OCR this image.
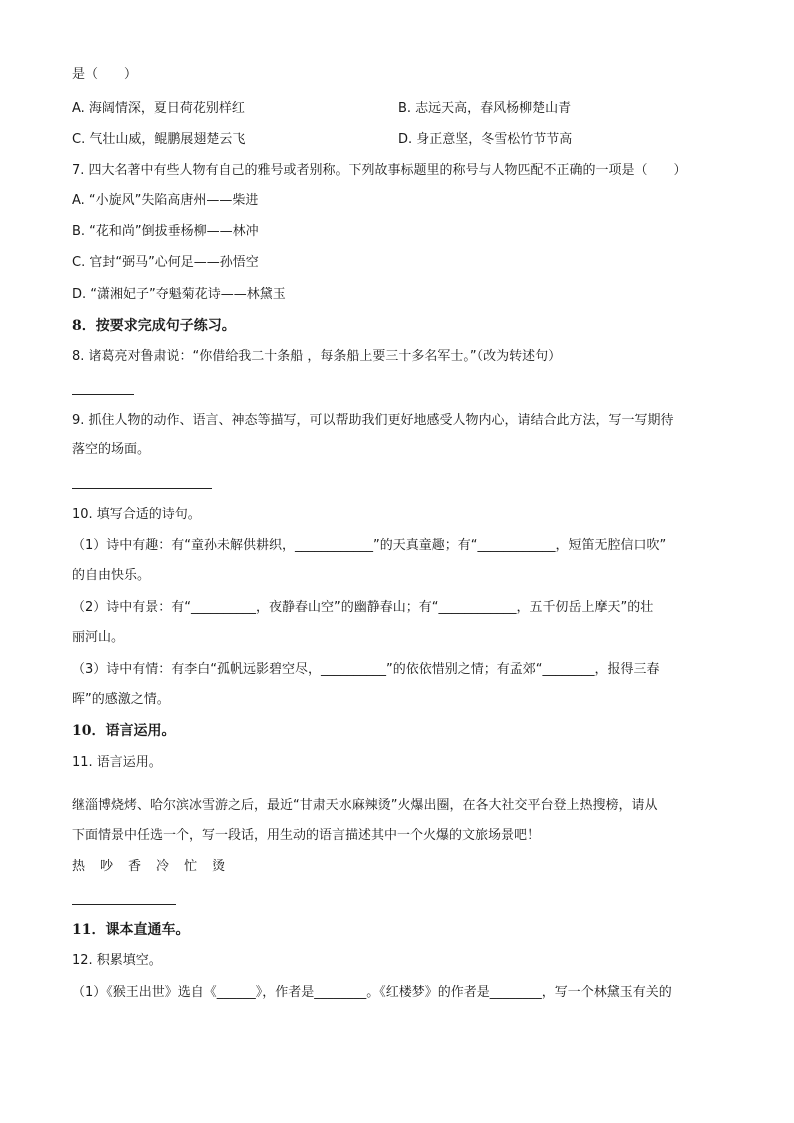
是（　　）
A. 海阔情深，夏日荷花别样红	B. 志远天高，春风杨柳楚山青
C. 气壮山威，鲲鹏展翅楚云飞	D. 身正意坚，冬雪松竹节节高
7. 四大名著中有些人物有自己的雅号或者别称。下列故事标题里的称号与人物匹配不正确的一项是（　　）
A. “小旋风”失陷高唐州——柴进
B. “花和尚”倒拔垂杨柳——林冲
C. 官封“弼马”心何足——孙悟空
D. “潇湘妃子”夺魁菊花诗——林黛玉
8．按要求完成句子练习。
8. 诸葛亮对鲁肃说：“你借给我二十条船 ，每条船上要三十多名军士。”（改为转述句）
9. 抓住人物的动作、语言、神态等描写，可以帮助我们更好地感受人物内心，请结合此方法，写一写期待
落空的场面。
10. 填写合适的诗句。
（1）诗中有趣：有“童孙未解供耕织，____________”的天真童趣；有“____________，短笛无腔信口吹”
的自由快乐。
（2）诗中有景：有“__________，夜静春山空”的幽静春山；有“____________，五千仞岳上摩天”的壮
丽河山。
（3）诗中有情：有李白“孤帆远影碧空尽，__________”的依依惜别之情；有孟郊“________，报得三春
晖”的感激之情。
10．语言运用。
11. 语言运用。
继淄博烧烤、哈尔滨冰雪游之后，最近“甘肃天水麻辣烫”火爆出圈，在各大社交平台登上热搜榜，请从
下面情景中任选一个，写一段话，用生动的语言描述其中一个火爆的文旅场景吧！
热 吵 香 冷 忙 烫
11．课本直通车。
12. 积累填空。
（1）《猴王出世》选自《______》，作者是________。《红楼梦》的作者是________，写一个林黛玉有关的
